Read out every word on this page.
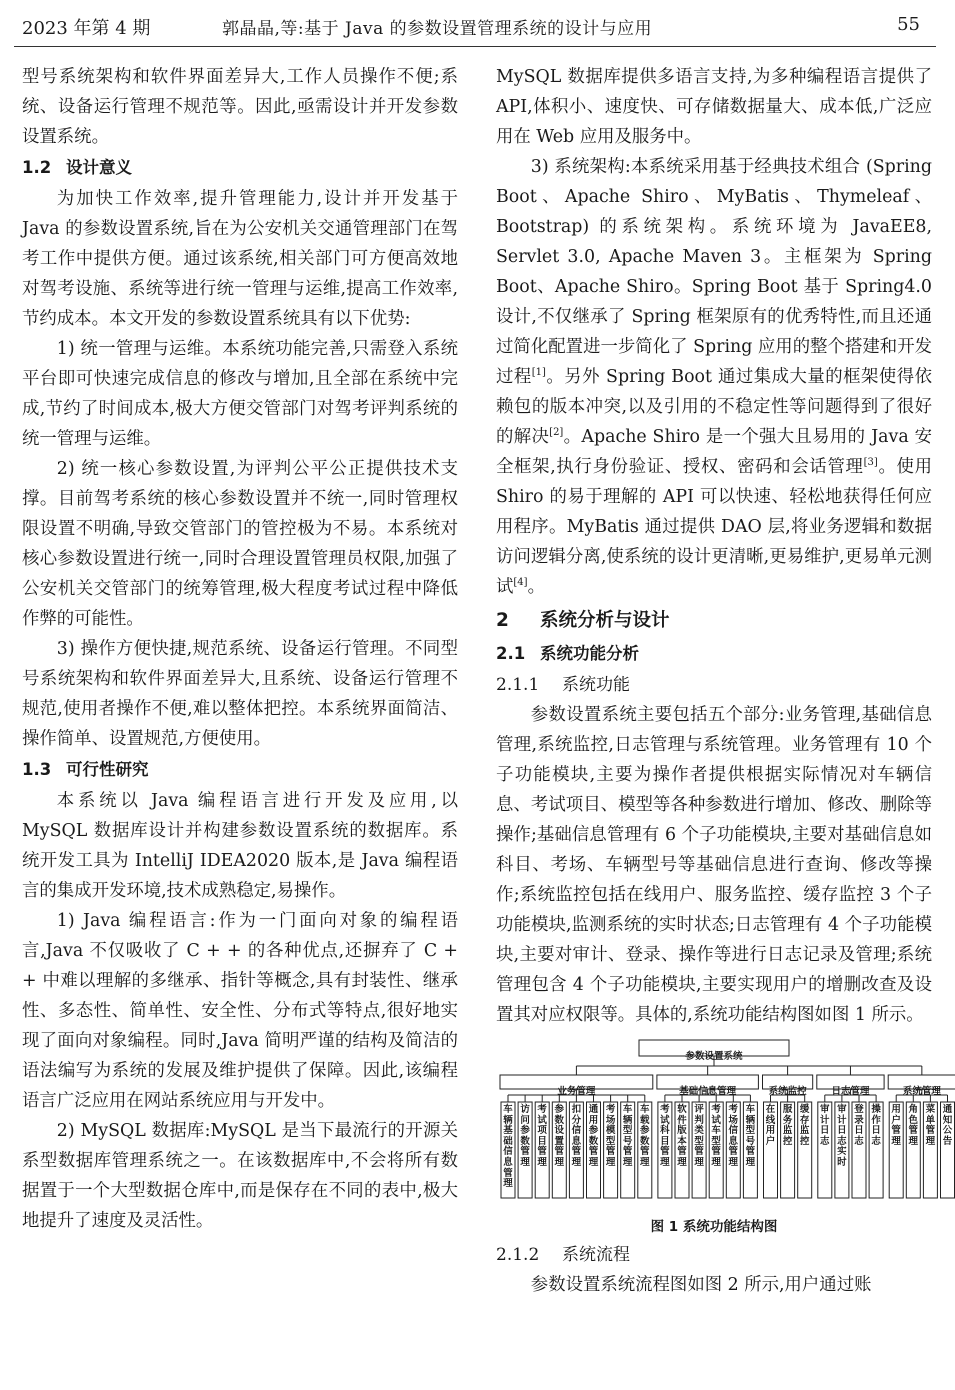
2023 年第 4 期	郭晶晶,等:基于 Java 的参数设置管理系统的设计与应用	55

型号系统架构和软件界面差异大,工作人员操作不便;系统、设备运行管理不规范等。因此,亟需设计并开发参数设置系统。

1.2 设计意义

为加快工作效率,提升管理能力,设计并开发基于 Java 的参数设置系统,旨在为公安机关交通管理部门在驾考工作中提供方便。通过该系统,相关部门可方便高效地对驾考设施、系统等进行统一管理与运维,提高工作效率,节约成本。本文开发的参数设置系统具有以下优势:

1) 统一管理与运维。本系统功能完善,只需登入系统平台即可快速完成信息的修改与增加,且全部在系统中完成,节约了时间成本,极大方便交管部门对驾考评判系统的统一管理与运维。

2) 统一核心参数设置,为评判公平公正提供技术支撑。目前驾考系统的核心参数设置并不统一,同时管理权限设置不明确,导致交管部门的管控极为不易。本系统对核心参数设置进行统一,同时合理设置管理员权限,加强了公安机关交管部门的统筹管理,极大程度考试过程中降低作弊的可能性。

3) 操作方便快捷,规范系统、设备运行管理。不同型号系统架构和软件界面差异大,且系统、设备运行管理不规范,使用者操作不便,难以整体把控。本系统界面简洁、操作简单、设置规范,方便使用。

1.3 可行性研究

本系统以 Java 编程语言进行开发及应用,以 MySQL 数据库设计并构建参数设置系统的数据库。系统开发工具为 IntelliJ IDEA2020 版本,是 Java 编程语言的集成开发环境,技术成熟稳定,易操作。

1) Java 编程语言:作为一门面向对象的编程语言,Java 不仅吸收了 C + + 的各种优点,还摒弃了 C + + 中难以理解的多继承、指针等概念,具有封装性、继承性、多态性、简单性、安全性、分布式等特点,很好地实现了面向对象编程。同时,Java 简明严谨的结构及简洁的语法编写为系统的发展及维护提供了保障。因此,该编程语言广泛应用在网站系统应用与开发中。

2) MySQL 数据库:MySQL 是当下最流行的开源关系型数据库管理系统之一。在该数据库中,不会将所有数据置于一个大型数据仓库中,而是保存在不同的表中,极大地提升了速度及灵活性。

MySQL 数据库提供多语言支持,为多种编程语言提供了 API,体积小、速度快、可存储数据量大、成本低,广泛应用在 Web 应用及服务中。

3) 系统架构:本系统采用基于经典技术组合 (Spring Boot、Apache Shiro、MyBatis、Thymeleaf、Bootstrap) 的系统架构。系统环境为 JavaEE8, Servlet 3.0, Apache Maven 3。主框架为 Spring Boot、Apache Shiro。Spring Boot 基于 Spring4.0 设计,不仅继承了 Spring 框架原有的优秀特性,而且还通过简化配置进一步简化了 Spring 应用的整个搭建和开发过程[1]。另外 Spring Boot 通过集成大量的框架使得依赖包的版本冲突,以及引用的不稳定性等问题得到了很好的解决[2]。Apache Shiro 是一个强大且易用的 Java 安全框架,执行身份验证、授权、密码和会话管理[3]。使用 Shiro 的易于理解的 API 可以快速、轻松地获得任何应用程序。MyBatis 通过提供 DAO 层,将业务逻辑和数据访问逻辑分离,使系统的设计更清晰,更易维护,更易单元测试[4]。

2 系统分析与设计
2.1 系统功能分析
2.1.1 系统功能

参数设置系统主要包括五个部分:业务管理,基础信息管理,系统监控,日志管理与系统管理。业务管理有 10 个子功能模块,主要为操作者提供根据实际情况对车辆信息、考试项目、模型等各种参数进行增加、修改、删除等操作;基础信息管理有 6 个子功能模块,主要对基础信息如科目、考场、车辆型号等基础信息进行查询、修改等操作;系统监控包括在线用户、服务监控、缓存监控 3 个子功能模块,监测系统的实时状态;日志管理有 4 个子功能模块,主要对审计、登录、操作等进行日志记录及管理;系统管理包含 4 个子功能模块,主要实现用户的增删改查及设置其对应权限等。具体的,系统功能结构图如图 1 所示。

参数设置系统
业务管理	基础信息管理	系统监控	日志管理	系统管理
车辆基础信息管理
访问参数管理
考试项目管理
参数设置管理
扣分信息管理
通用参数管理
考场模型管理
车辆型号管理
车载参数管理
考试科目管理
软件版本管理
评判类型管理
考试车型管理
考场信息管理
车辆型号管理
在线用户
服务监控
缓存监控
审计日志
审计日志实时
登录日志
操作日志
用户管理
角色管理
菜单管理
通知公告
图 1 系统功能结构图
2.1.2 系统流程

参数设置系统流程图如图 2 所示,用户通过账
